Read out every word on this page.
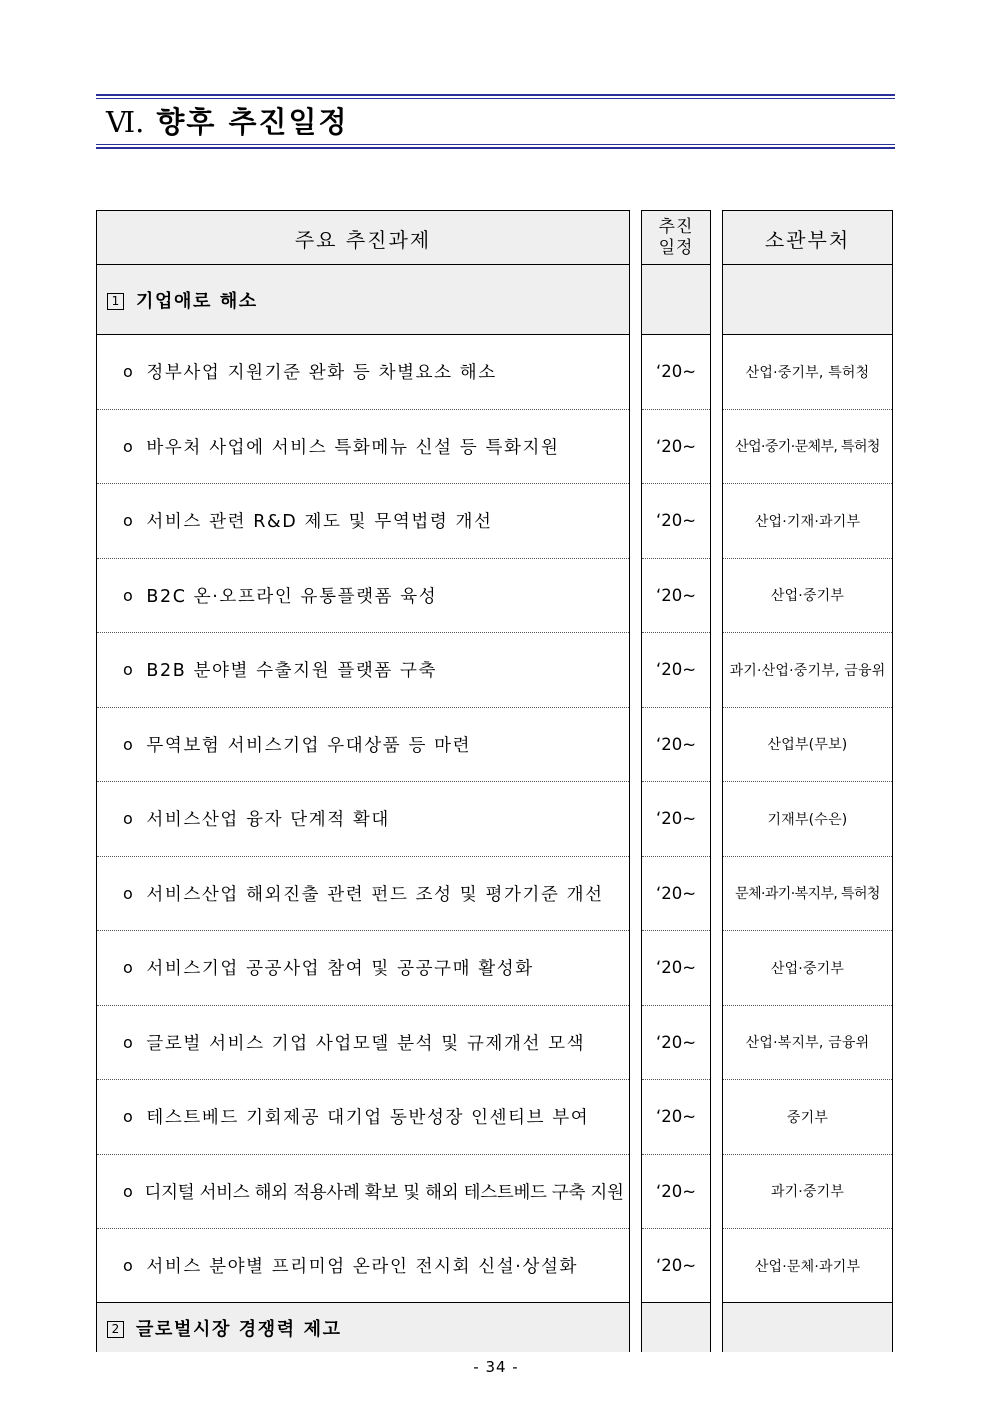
Ⅵ. 향후 추진일정
주요 추진과제
추진
일정	소관부처
1 기업애로 해소
2 글로벌시장 경쟁력 제고
o 정부사업 지원기준 완화 등 차별요소 해소
o 바우처 사업에 서비스 특화메뉴 신설 등 특화지원
o 서비스 관련 R&D 제도 및 무역법령 개선
o B2C 온·오프라인 유통플랫폼 육성
o B2B 분야별 수출지원 플랫폼 구축
o 무역보험 서비스기업 우대상품 등 마련
o 서비스산업 융자 단계적 확대
o 서비스산업 해외진출 관련 펀드 조성 및 평가기준 개선
o 서비스기업 공공사업 참여 및 공공구매 활성화
o 글로벌 서비스 기업 사업모델 분석 및 규제개선 모색
o 테스트베드 기회제공 대기업 동반성장 인센티브 부여
o 디지털 서비스 해외 적용사례 확보 및 해외 테스트베드 구축 지원
o 서비스 분야별 프리미엄 온라인 전시회 신설·상설화
‘20~
‘20~
‘20~
‘20~
‘20~
‘20~
‘20~
‘20~
‘20~
‘20~
‘20~
‘20~
‘20~
산업·중기부, 특허청
산업·중기·문체부, 특허청
산업·기재·과기부
산업·중기부
과기·산업·중기부, 금융위
산업부(무보)
기재부(수은)
문체·과기·복지부, 특허청
산업·중기부
산업·복지부, 금융위
중기부
과기·중기부
산업·문체·과기부
- 34 -
